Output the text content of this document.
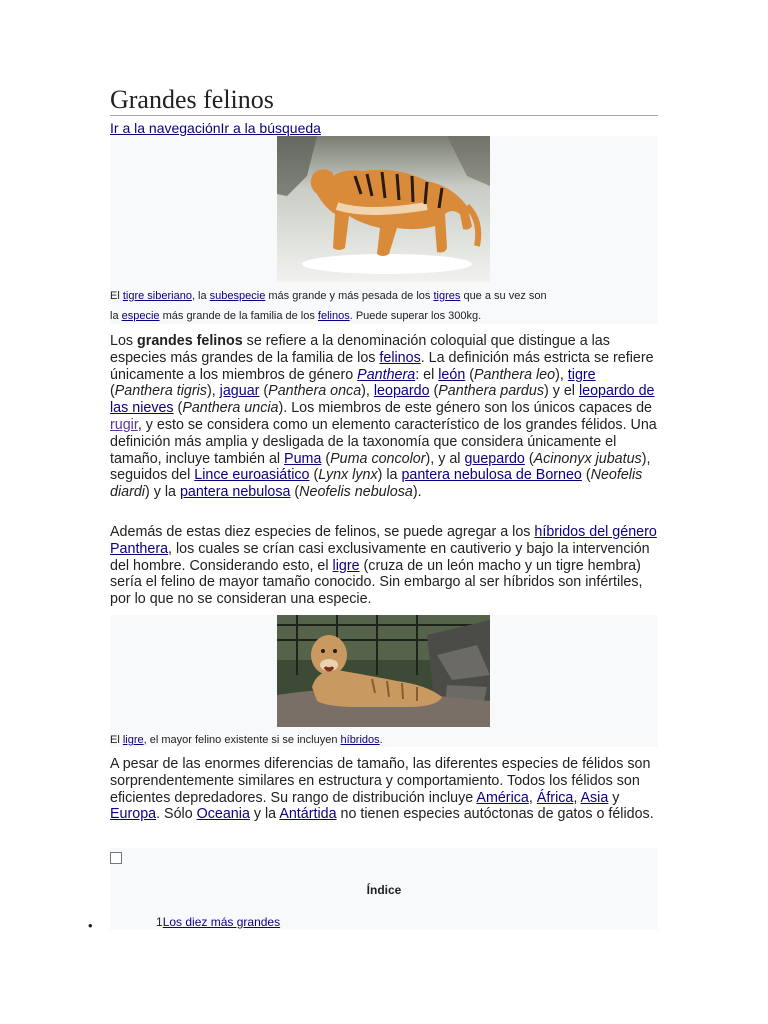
Grandes felinos
Ir a la navegaciónIr a la búsqueda
El tigre siberiano, la subespecie más grande y más pesada de los tigres que a su vez son
la especie más grande de la familia de los felinos. Puede superar los 300kg.

Los grandes felinos se refiere a la denominación coloquial que distingue a las especies más grandes de la familia de los felinos. La definición más estricta se refiere únicamente a los miembros de género Panthera: el león (Panthera leo), tigre (Panthera tigris), jaguar (Panthera onca), leopardo (Panthera pardus) y el leopardo de las nieves (Panthera uncia). Los miembros de este género son los únicos capaces de rugir, y esto se considera como un elemento característico de los grandes félidos. Una definición más amplia y desligada de la taxonomía que considera únicamente el tamaño, incluye también al Puma (Puma concolor), y al guepardo (Acinonyx jubatus), seguidos del Lince euroasiático (Lynx lynx) la pantera nebulosa de Borneo (Neofelis diardi) y la pantera nebulosa (Neofelis nebulosa).

Además de estas diez especies de felinos, se puede agregar a los híbridos del género Panthera, los cuales se crían casi exclusivamente en cautiverio y bajo la intervención del hombre. Considerando esto, el ligre (cruza de un león macho y un tigre hembra) sería el felino de mayor tamaño conocido. Sin embargo al ser híbridos son infértiles, por lo que no se consideran una especie.

El ligre, el mayor felino existente si se incluyen híbridos.

A pesar de las enormes diferencias de tamaño, las diferentes especies de félidos son sorprendentemente similares en estructura y comportamiento. Todos los félidos son eficientes depredadores. Su rango de distribución incluye América, África, Asia y Europa. Sólo Oceania y la Antártida no tienen especies autóctonas de gatos o félidos.

Índice
•	1Los diez más grandes
